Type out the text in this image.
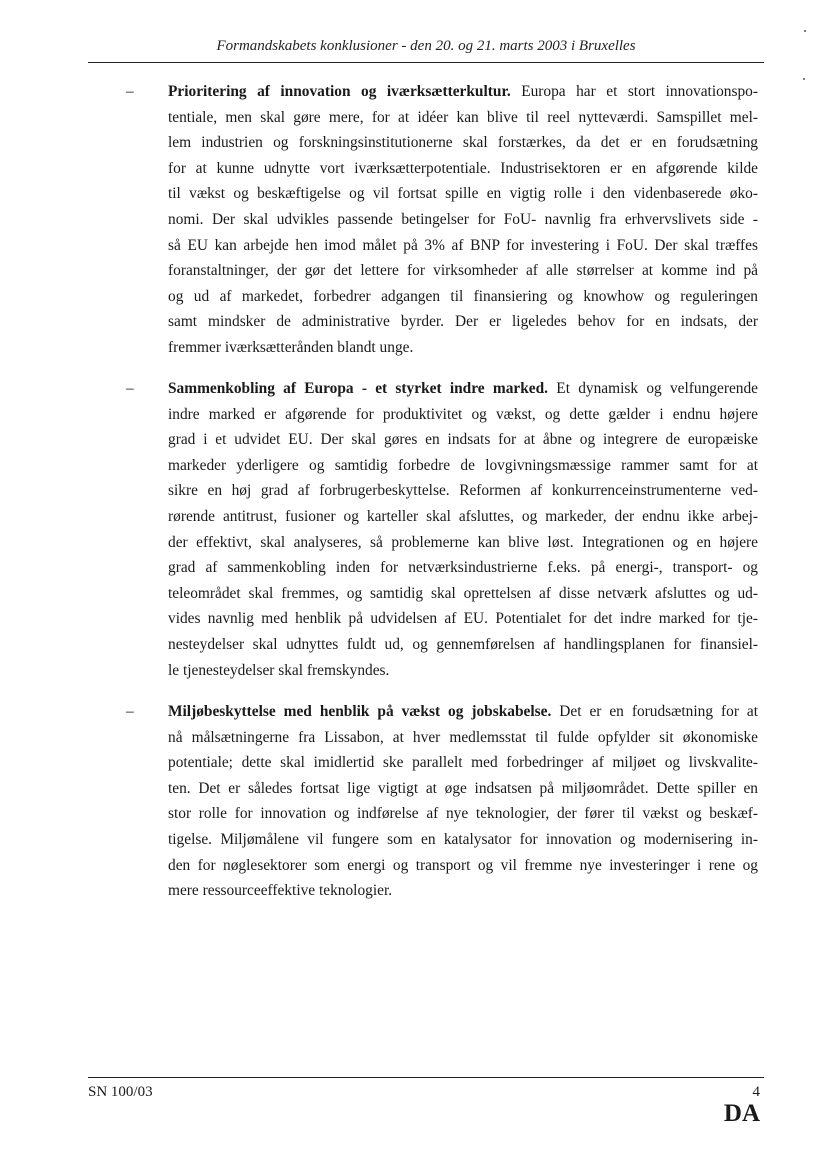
Formandskabets konklusioner - den 20. og 21. marts 2003 i Bruxelles
– Prioritering af innovation og iværksætterkultur. Europa har et stort innovationspo-
tentiale, men skal gøre mere, for at idéer kan blive til reel nytteværdi. Samspillet mel-
lem industrien og forskningsinstitutionerne skal forstærkes, da det er en forudsætning
for at kunne udnytte vort iværksætterpotentiale. Industrisektoren er en afgørende kilde
til vækst og beskæftigelse og vil fortsat spille en vigtig rolle i den videnbaserede øko-
nomi. Der skal udvikles passende betingelser for FoU- navnlig fra erhvervslivets side -
så EU kan arbejde hen imod målet på 3% af BNP for investering i FoU. Der skal træffes
foranstaltninger, der gør det lettere for virksomheder af alle størrelser at komme ind på
og ud af markedet, forbedrer adgangen til finansiering og knowhow og reguleringen
samt mindsker de administrative byrder. Der er ligeledes behov for en indsats, der
fremmer iværksætterånden blandt unge.
– Sammenkobling af Europa - et styrket indre marked. Et dynamisk og velfungerende
indre marked er afgørende for produktivitet og vækst, og dette gælder i endnu højere
grad i et udvidet EU. Der skal gøres en indsats for at åbne og integrere de europæiske
markeder yderligere og samtidig forbedre de lovgivningsmæssige rammer samt for at
sikre en høj grad af forbrugerbeskyttelse. Reformen af konkurrenceinstrumenterne ved-
rørende antitrust, fusioner og karteller skal afsluttes, og markeder, der endnu ikke arbej-
der effektivt, skal analyseres, så problemerne kan blive løst. Integrationen og en højere
grad af sammenkobling inden for netværksindustrierne f.eks. på energi-, transport- og
teleområdet skal fremmes, og samtidig skal oprettelsen af disse netværk afsluttes og ud-
vides navnlig med henblik på udvidelsen af EU. Potentialet for det indre marked for tje-
nesteydelser skal udnyttes fuldt ud, og gennemførelsen af handlingsplanen for finansiel-
le tjenesteydelser skal fremskyndes.
– Miljøbeskyttelse med henblik på vækst og jobskabelse. Det er en forudsætning for at
nå målsætningerne fra Lissabon, at hver medlemsstat til fulde opfylder sit økonomiske
potentiale; dette skal imidlertid ske parallelt med forbedringer af miljøet og livskvalite-
ten. Det er således fortsat lige vigtigt at øge indsatsen på miljøområdet. Dette spiller en
stor rolle for innovation og indførelse af nye teknologier, der fører til vækst og beskæf-
tigelse. Miljømålene vil fungere som en katalysator for innovation og modernisering in-
den for nøglesektorer som energi og transport og vil fremme nye investeringer i rene og
mere ressourceeffektive teknologier.
SN 100/03	4
DA
